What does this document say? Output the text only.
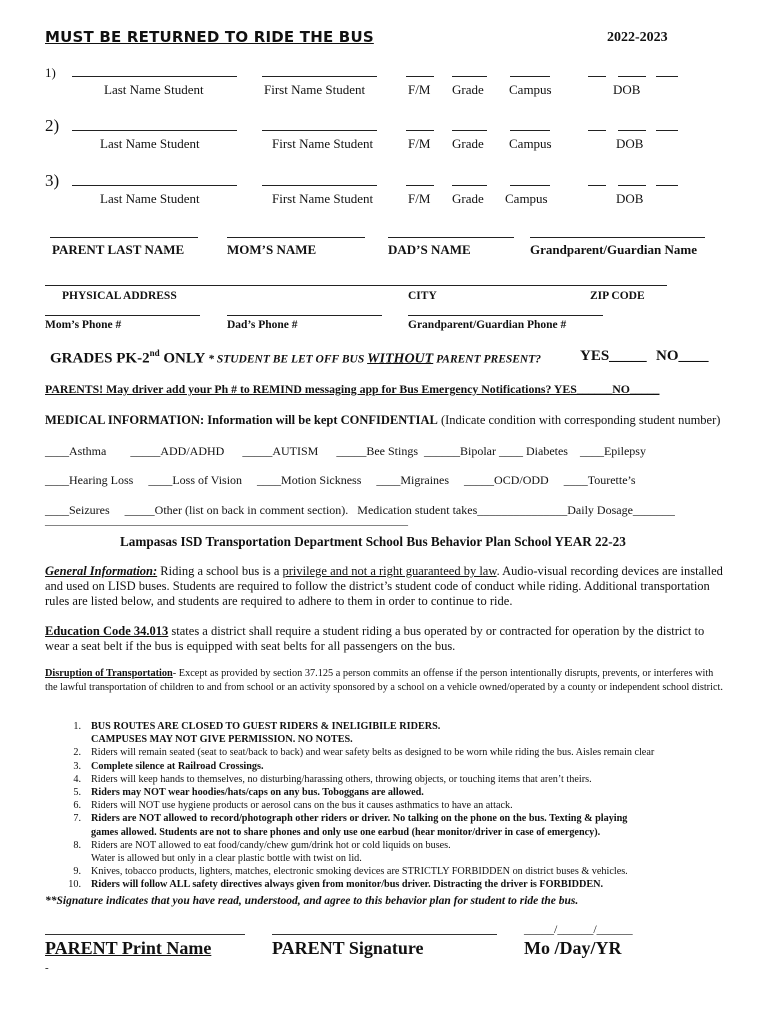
MUST BE RETURNED TO RIDE THE BUS	2022-2023
1)
Last Name Student	First Name Student	F/M Grade Campus	DOB
2)
Last Name Student	First Name Student	F/M Grade Campus	DOB
3)
Last Name Student	First Name Student	F/M Grade Campus	DOB
PARENT LAST NAME	MOM’S NAME	DAD’S NAME	Grandparent/Guardian Name
PHYSICAL ADDRESS	CITY	ZIP CODE
Mom’s Phone #	Dad’s Phone #	Grandparent/Guardian Phone #
GRADES PK-2nd ONLY * STUDENT BE LET OFF BUS WITHOUT PARENT PRESENT?	YES_____ NO____
PARENTS! May driver add your Ph # to REMIND messaging app for Bus Emergency Notifications? YES______NO_____
MEDICAL INFORMATION: Information will be kept CONFIDENTIAL (Indicate condition with corresponding student number)
____Asthma        _____ADD/ADHD      _____AUTISM      _____Bee Stings  ______Bipolar ____ Diabetes    ____Epilepsy
____Hearing Loss     ____Loss of Vision     ____Motion Sickness     ____Migraines     _____OCD/ODD     ____Tourette’s
____Seizures     _____Other (list on back in comment section).   Medication student takes_______________Daily Dosage_______
__________________________________________________________________
Lampasas ISD Transportation Department School Bus Behavior Plan School YEAR 22-23
General Information: Riding a school bus is a privilege and not a right guaranteed by law. Audio-visual recording devices are installed and used on LISD buses. Students are required to follow the district’s student code of conduct while riding. Additional transportation rules are listed below, and students are required to adhere to them in order to continue to ride.
Education Code 34.013 states a district shall require a student riding a bus operated by or contracted for operation by the district to wear a seat belt if the bus is equipped with seat belts for all passengers on the bus.
Disruption of Transportation- Except as provided by section 37.125 a person commits an offense if the person intentionally disrupts, prevents, or interferes with the lawful transportation of children to and from school or an activity sponsored by a school on a vehicle owned/operated by a county or independent school district.
1. BUS ROUTES ARE CLOSED TO GUEST RIDERS & INELIGIBILE RIDERS.
CAMPUSES MAY NOT GIVE PERMISSION. NO NOTES.
2. Riders will remain seated (seat to seat/back to back) and wear safety belts as designed to be worn while riding the bus. Aisles remain clear
3. Complete silence at Railroad Crossings.
4. Riders will keep hands to themselves, no disturbing/harassing others, throwing objects, or touching items that aren’t theirs.
5. Riders may NOT wear hoodies/hats/caps on any bus. Toboggans are allowed.
6. Riders will NOT use hygiene products or aerosol cans on the bus it causes asthmatics to have an attack.
7. Riders are NOT allowed to record/photograph other riders or driver. No talking on the phone on the bus. Texting & playing
games allowed. Students are not to share phones and only use one earbud (hear monitor/driver in case of emergency).
8. Riders are NOT allowed to eat food/candy/chew gum/drink hot or cold liquids on buses.
Water is allowed but only in a clear plastic bottle with twist on lid.
9. Knives, tobacco products, lighters, matches, electronic smoking devices are STRICTLY FORBIDDEN on district buses & vehicles.
10. Riders will follow ALL safety directives always given from monitor/bus driver. Distracting the driver is FORBIDDEN.
**Signature indicates that you have read, understood, and agree to this behavior plan for student to ride the bus.
_____/______/______
PARENT Print Name	PARENT Signature	Mo /Day/YR
-
